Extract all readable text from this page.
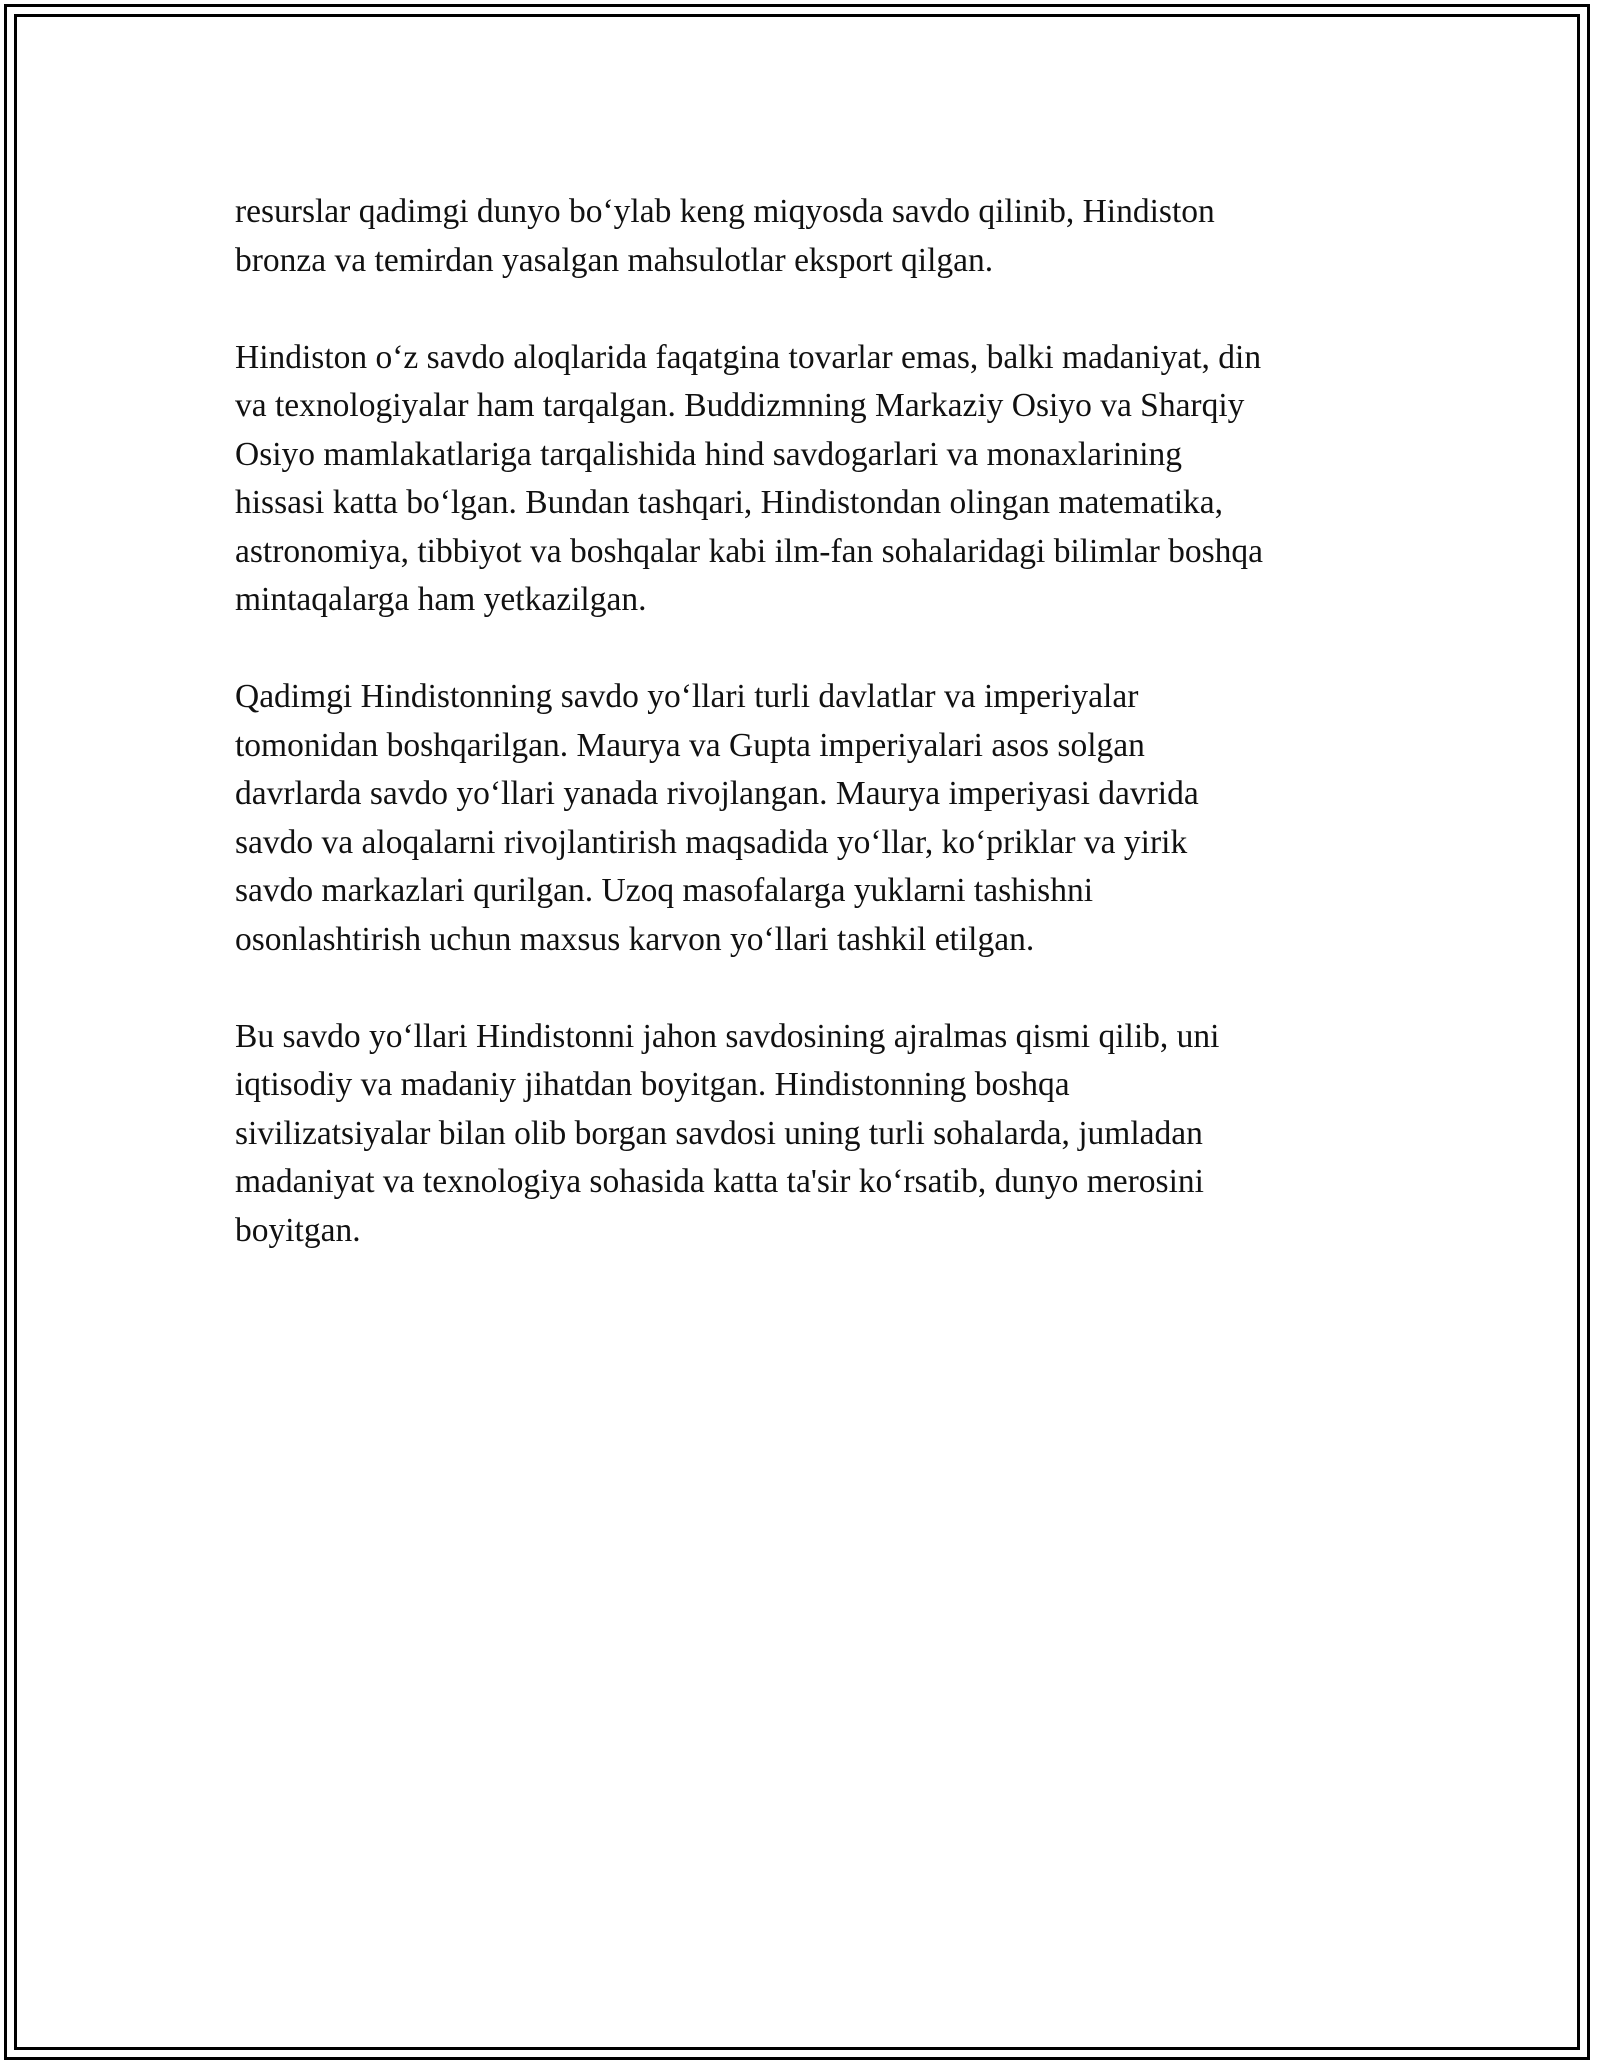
resurslar qadimgi dunyo bo‘ylab keng miqyosda savdo qilinib, Hindiston
bronza va temirdan yasalgan mahsulotlar eksport qilgan.

Hindiston o‘z savdo aloqlarida faqatgina tovarlar emas, balki madaniyat, din
va texnologiyalar ham tarqalgan. Buddizmning Markaziy Osiyo va Sharqiy
Osiyo mamlakatlariga tarqalishida hind savdogarlari va monaxlarining
hissasi katta bo‘lgan. Bundan tashqari, Hindistondan olingan matematika,
astronomiya, tibbiyot va boshqalar kabi ilm-fan sohalaridagi bilimlar boshqa
mintaqalarga ham yetkazilgan.

Qadimgi Hindistonning savdo yo‘llari turli davlatlar va imperiyalar
tomonidan boshqarilgan. Maurya va Gupta imperiyalari asos solgan
davrlarda savdo yo‘llari yanada rivojlangan. Maurya imperiyasi davrida
savdo va aloqalarni rivojlantirish maqsadida yo‘llar, ko‘priklar va yirik
savdo markazlari qurilgan. Uzoq masofalarga yuklarni tashishni
osonlashtirish uchun maxsus karvon yo‘llari tashkil etilgan.

Bu savdo yo‘llari Hindistonni jahon savdosining ajralmas qismi qilib, uni
iqtisodiy va madaniy jihatdan boyitgan. Hindistonning boshqa
sivilizatsiyalar bilan olib borgan savdosi uning turli sohalarda, jumladan
madaniyat va texnologiya sohasida katta ta'sir ko‘rsatib, dunyo merosini
boyitgan.
